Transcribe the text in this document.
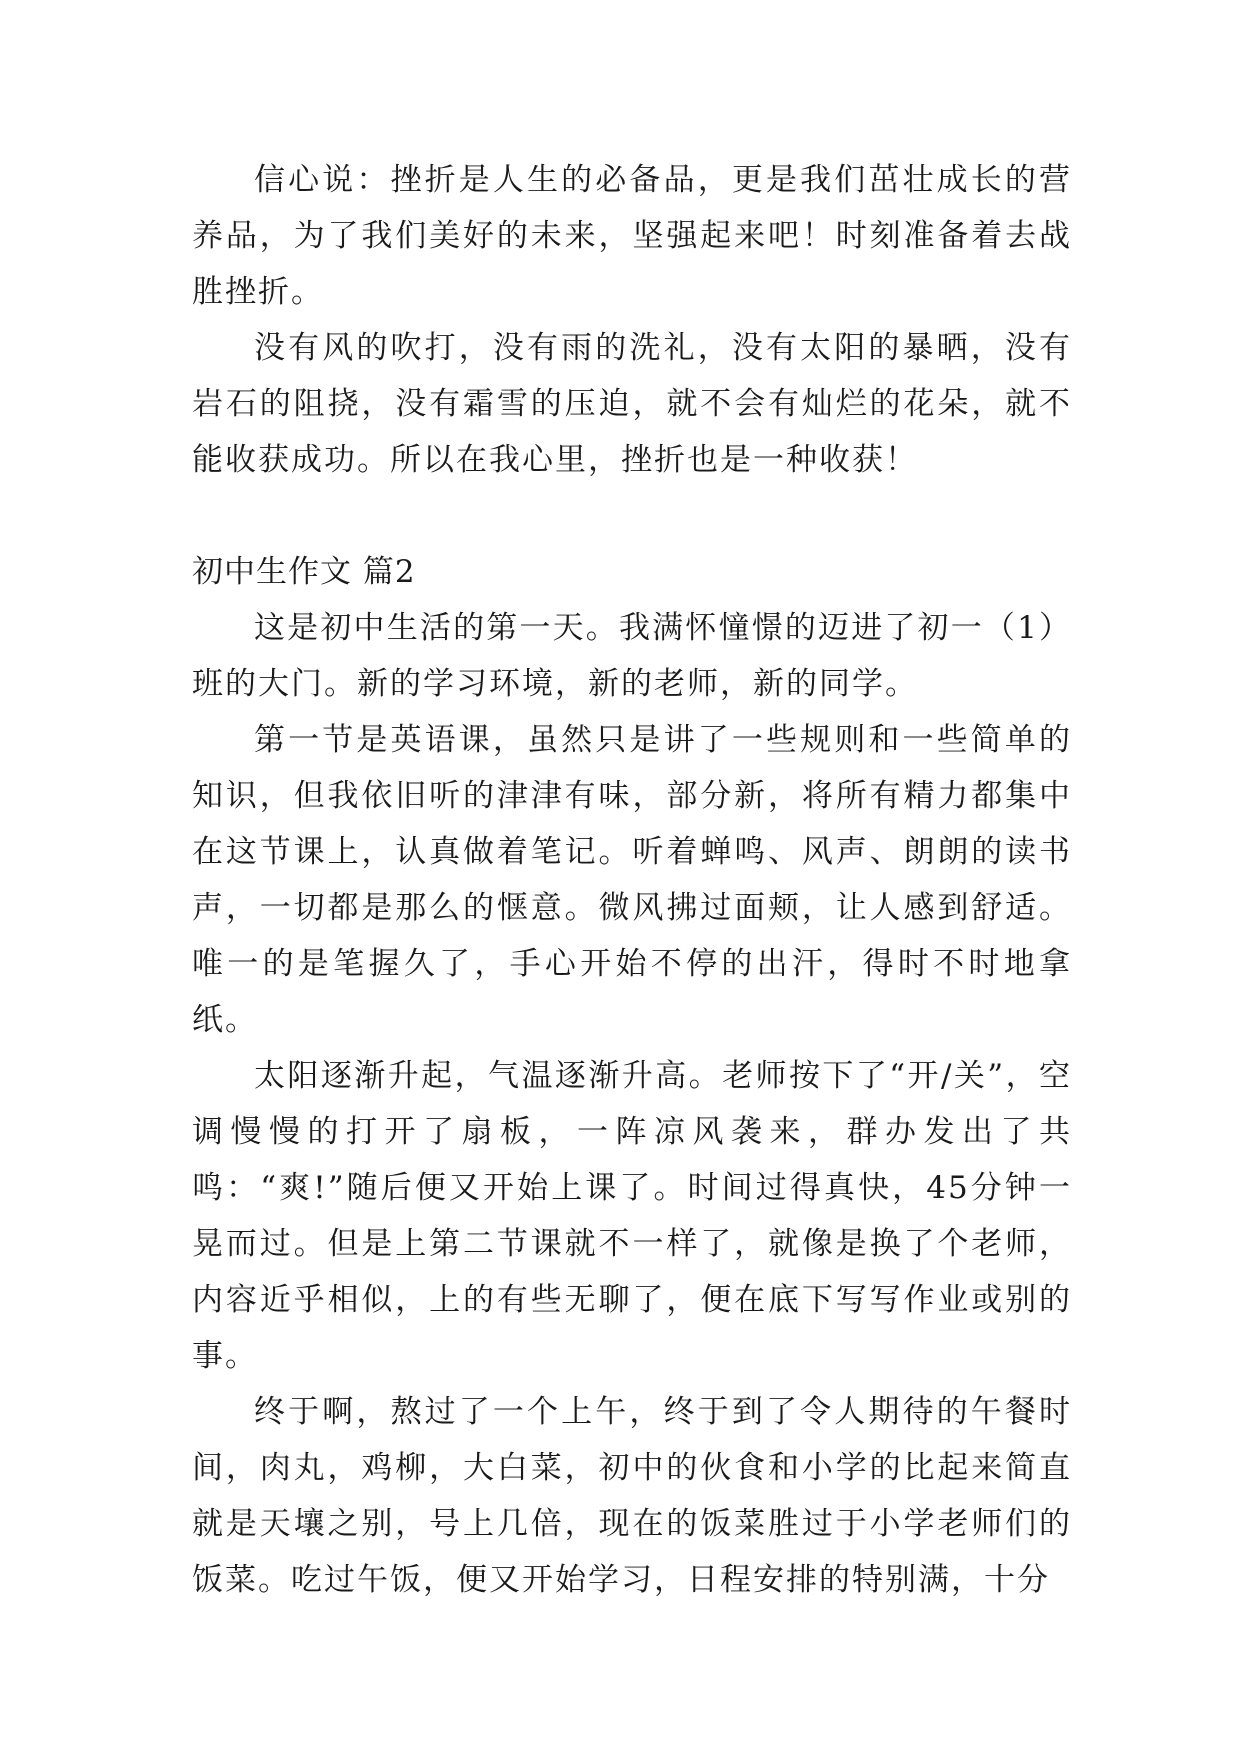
信心说：挫折是人生的必备品，更是我们茁壮成长的营养品，为了我们美好的未来，坚强起来吧！时刻准备着去战胜挫折。

没有风的吹打，没有雨的洗礼，没有太阳的暴晒，没有岩石的阻挠，没有霜雪的压迫，就不会有灿烂的花朵，就不能收获成功。所以在我心里，挫折也是一种收获！

初中生作文 篇2

这是初中生活的第一天。我满怀憧憬的迈进了初一（1）班的大门。新的学习环境，新的老师，新的同学。

第一节是英语课，虽然只是讲了一些规则和一些简单的知识，但我依旧听的津津有味，部分新，将所有精力都集中在这节课上，认真做着笔记。听着蝉鸣、风声、朗朗的读书声，一切都是那么的惬意。微风拂过面颊，让人感到舒适。唯一的是笔握久了，手心开始不停的出汗，得时不时地拿纸。

太阳逐渐升起，气温逐渐升高。老师按下了“开/关”，空调慢慢的打开了扇板，一阵凉风袭来，群办发出了共鸣：“爽!”随后便又开始上课了。时间过得真快，45分钟一晃而过。但是上第二节课就不一样了，就像是换了个老师，内容近乎相似，上的有些无聊了，便在底下写写作业或别的事。

终于啊，熬过了一个上午，终于到了令人期待的午餐时间，肉丸，鸡柳，大白菜，初中的伙食和小学的比起来简直就是天壤之别，号上几倍，现在的饭菜胜过于小学老师们的饭菜。吃过午饭，便又开始学习，日程安排的特别满，十分
